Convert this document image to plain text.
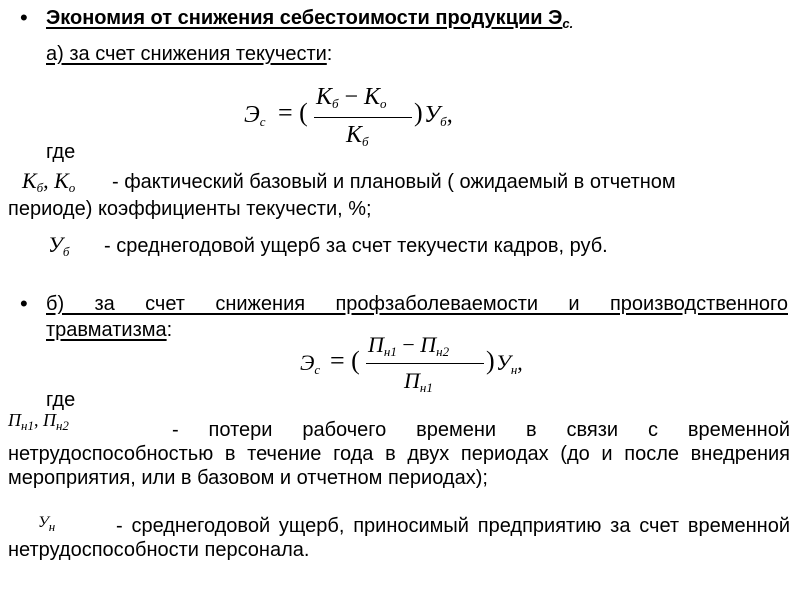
• Экономия от снижения себестоимости продукции $Э_{с.}$
а) за счет снижения текучести:
$Э_с$ = (
$К_б - К_о$
$К_б$
) $У_б$,
где
$К_б$, $К_о$ - фактический базовый и плановый ( ожидаемый в отчетном
периоде) коэффициенты текучести, %;
$У_б$ - среднегодовой ущерб за счет текучести кадров, руб.
• б) за счет снижения профзаболеваемости и производственного
травматизма:
$Э_с$ = (
$П_{н1} - П_{н2}$
$П_{н1}$
) $У_н$,
где
$П_{н1}$, $П_{н2}$	- потери рабочего времени в связи с временной нетрудоспособностью в течение года в двух периодах (до и после внедрения мероприятия, или в базовом и отчетном периодах);
$У_н$	- среднегодовой ущерб, приносимый предприятию за счет временной нетрудоспособности персонала.
